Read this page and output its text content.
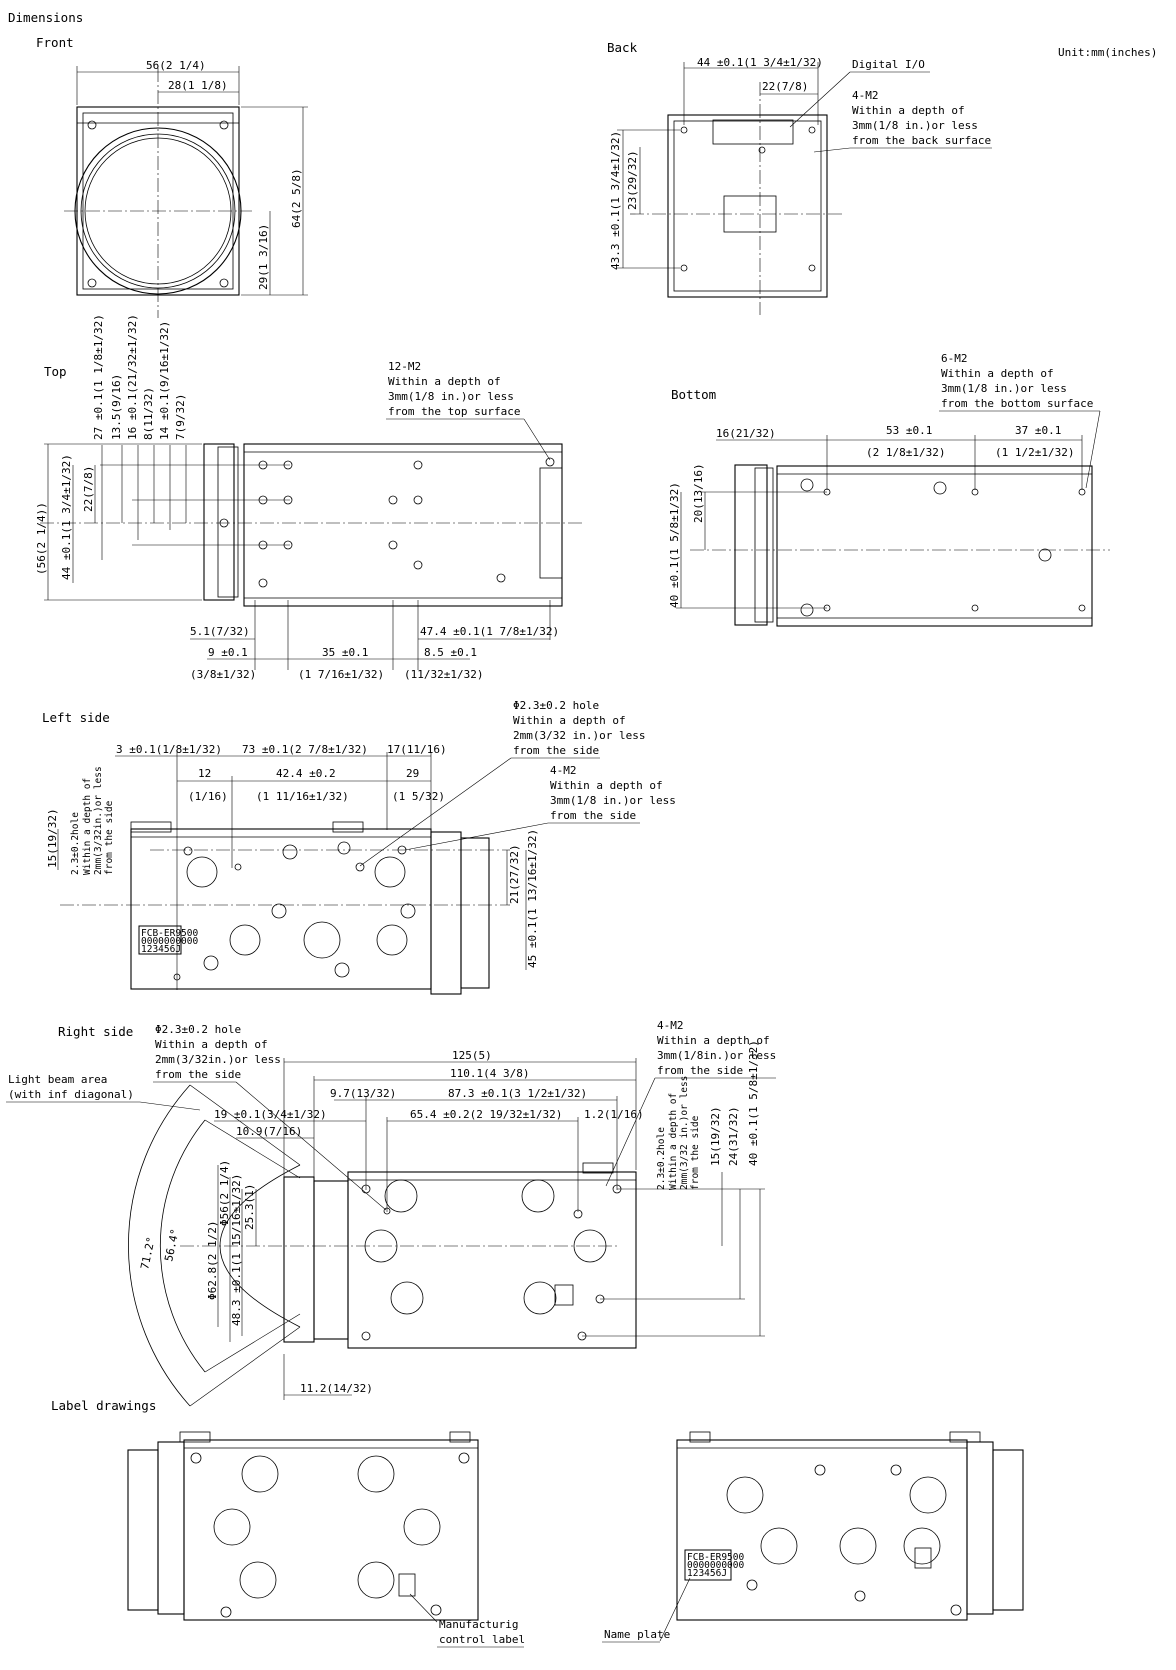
Dimensions
Unit:mm(inches)
Front
56(2 1/4)
28(1 1/8)
64(2 5/8)
29(1 3/16)
Back
44 ±0.1(1 3/4±1/32)
22(7/8)
43.3 ±0.1(1 3/4±1/32) 23(29/32)
Digital I/O
4-M2
Within a depth of
3mm(1/8 in.)or less
from the back surface
Top
(56(2 1/4)) 44 ±0.1(1 3/4±1/32) 22(7/8)
27 ±0.1(1 1/8±1/32) 13.5(9/16) 16 ±0.1(21/32±1/32) 8(11/32) 14 ±0.1(9/16±1/32) 7(9/32)
5.1(7/32)
9 ±0.1	35 ±0.1
47.4 ±0.1(1 7/8±1/32)
8.5 ±0.1
(3/8±1/32)	(1 7/16±1/32) (11/32±1/32)
12-M2
Within a depth of
3mm(1/8 in.)or less
from the top surface
Bottom
16(21/32)	53 ±0.1	37 ±0.1
(2 1/8±1/32)	(1 1/2±1/32)
20(13/16)
40 ±0.1(1 5/8±1/32)
6-M2
Within a depth of
3mm(1/8 in.)or less
from the bottom surface
Left side
FCB-ER9500
0000000000
123456J
3 ±0.1(1/8±1/32) 73 ±0.1(2 7/8±1/32) 17(11/16)
12	42.4 ±0.2	29
(1/16)	(1 11/16±1/32)	(1 5/32)
15(19/32) 2.3±0.2hole Within a depth of 2mm(3/32in.)or less from the side	21(27/32) 45 ±0.1(1 13/16±1/32)
Φ2.3±0.2 hole
Within a depth of
2mm(3/32 in.)or less
from the side
4-M2
Within a depth of
3mm(1/8 in.)or less
from the side
Right side
71.2° 56.4° Φ62.8(2 1/2)
Φ56(2 1/4) 48.3 ±0.1(1 15/16±1/32) 25.3(1)
125(5)
110.1(4 3/8)
9.7(13/32)	87.3 ±0.1(3 1/2±1/32)
19 ±0.1(3/4±1/32)	65.4 ±0.2(2 19/32±1/32) 1.2(1/16)
10.9(7/16)
11.2(14/32)
2.3±0.2hole Within a depth of 2mm(3/32 in.)or less from the side 15(19/32) 24(31/32) 40 ±0.1(1 5/8±1/32)
Φ2.3±0.2 hole
Within a depth of
2mm(3/32in.)or less
from the side
4-M2
Within a depth of
3mm(1/8in.)or less
from the side
Light beam area
(with inf diagonal)
Label drawings
Manufacturig
control label
FCB-ER9500
0000000000
123456J
Name plate
